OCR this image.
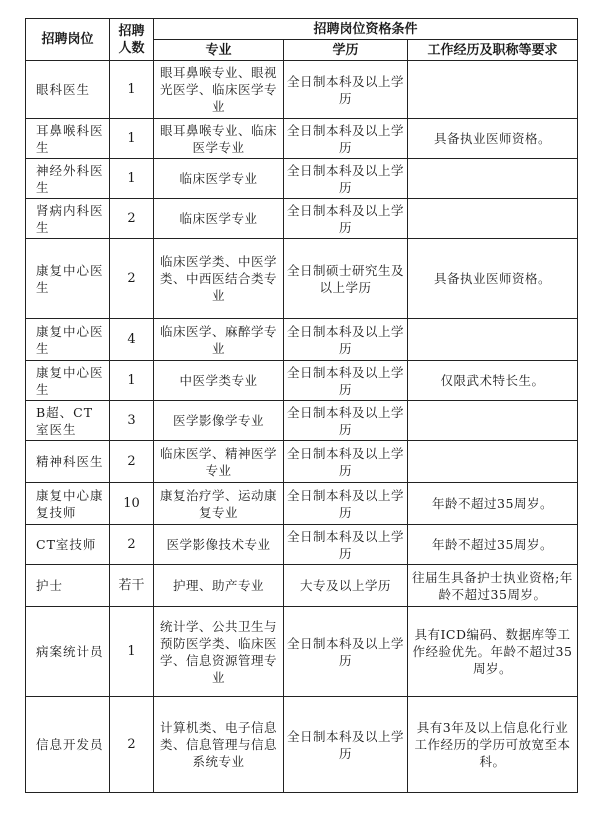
招聘岗位	招聘人数	招聘岗位资格条件		
		专业	学历	工作经历及职称等要求
眼科医生	1	眼耳鼻喉专业、眼视光医学、临床医学专业	全日制本科及以上学历	
耳鼻喉科医生	1	眼耳鼻喉专业、临床医学专业	全日制本科及以上学历	具备执业医师资格。
神经外科医生	1	临床医学专业	全日制本科及以上学历	
肾病内科医生	2	临床医学专业	全日制本科及以上学历	
康复中心医生	2	临床医学类、中医学类、中西医结合类专业	全日制硕士研究生及以上学历	具备执业医师资格。
康复中心医生	4	临床医学、麻醉学专业	全日制本科及以上学历	
康复中心医生	1	中医学类专业	全日制本科及以上学历	仅限武术特长生。
B超、CT室医生	3	医学影像学专业	全日制本科及以上学历	
精神科医生	2	临床医学、精神医学专业	全日制本科及以上学历	
康复中心康复技师	10	康复治疗学、运动康复专业	全日制本科及以上学历	年龄不超过35周岁。
CT室技师	2	医学影像技术专业	全日制本科及以上学历	年龄不超过35周岁。
护士	若干	护理、助产专业	大专及以上学历	往届生具备护士执业资格;年龄不超过35周岁。
病案统计员	1	统计学、公共卫生与预防医学类、临床医学、信息资源管理专业	全日制本科及以上学历	具有ICD编码、数据库等工作经验优先。年龄不超过35周岁。
信息开发员	2	计算机类、电子信息类、信息管理与信息系统专业	全日制本科及以上学历	具有3年及以上信息化行业工作经历的学历可放宽至本科。
